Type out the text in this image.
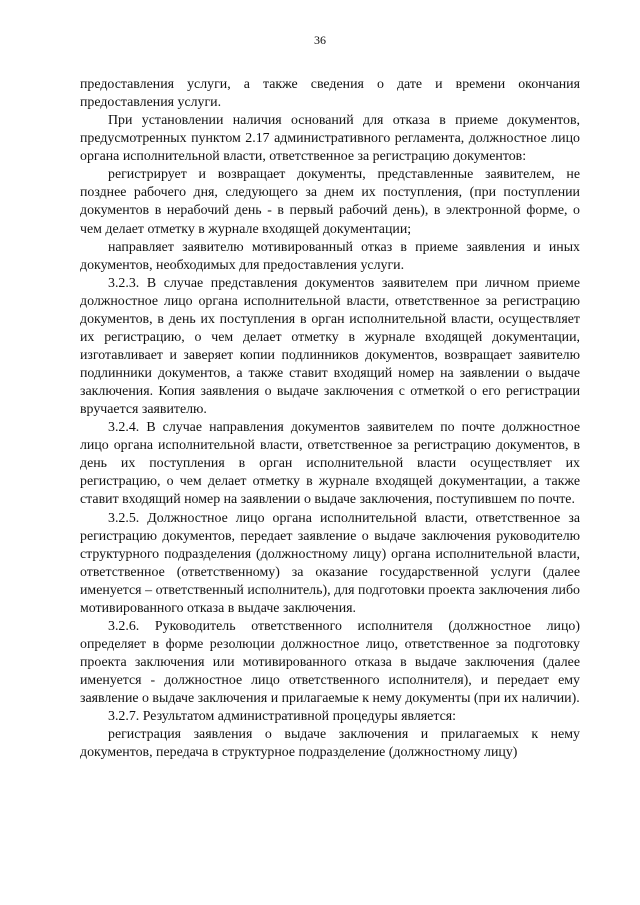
36

предоставления услуги, а также сведения о дате и времени окончания предоставления услуги.

При установлении наличия оснований для отказа в приеме документов, предусмотренных пунктом 2.17 административного регламента, должностное лицо органа исполнительной власти, ответственное за регистрацию документов:

регистрирует и возвращает документы, представленные заявителем, не позднее рабочего дня, следующего за днем их поступления, (при поступлении документов в нерабочий день - в первый рабочий день), в электронной форме, о чем делает отметку в журнале входящей документации;

направляет заявителю мотивированный отказ в приеме заявления и иных документов, необходимых для предоставления услуги.

3.2.3. В случае представления документов заявителем при личном приеме должностное лицо органа исполнительной власти, ответственное за регистрацию документов, в день их поступления в орган исполнительной власти, осуществляет их регистрацию, о чем делает отметку в журнале входящей документации, изготавливает и заверяет копии подлинников документов, возвращает заявителю подлинники документов, а также ставит входящий номер на заявлении о выдаче заключения. Копия заявления о выдаче заключения с отметкой о его регистрации вручается заявителю.

3.2.4. В случае направления документов заявителем по почте должностное лицо органа исполнительной власти, ответственное за регистрацию документов, в день их поступления в орган исполнительной власти осуществляет их регистрацию, о чем делает отметку в журнале входящей документации, а также ставит входящий номер на заявлении о выдаче заключения, поступившем по почте.

3.2.5. Должностное лицо органа исполнительной власти, ответственное за регистрацию документов, передает заявление о выдаче заключения руководителю структурного подразделения (должностному лицу) органа исполнительной власти, ответственное (ответственному) за оказание государственной услуги (далее именуется – ответственный исполнитель), для подготовки проекта заключения либо мотивированного отказа в выдаче заключения.

3.2.6. Руководитель ответственного исполнителя (должностное лицо) определяет в форме резолюции должностное лицо, ответственное за подготовку проекта заключения или мотивированного отказа в выдаче заключения (далее именуется - должностное лицо ответственного исполнителя), и передает ему заявление о выдаче заключения и прилагаемые к нему документы (при их наличии).

3.2.7. Результатом административной процедуры является:

регистрация заявления о выдаче заключения и прилагаемых к нему документов, передача в структурное подразделение (должностному лицу)
